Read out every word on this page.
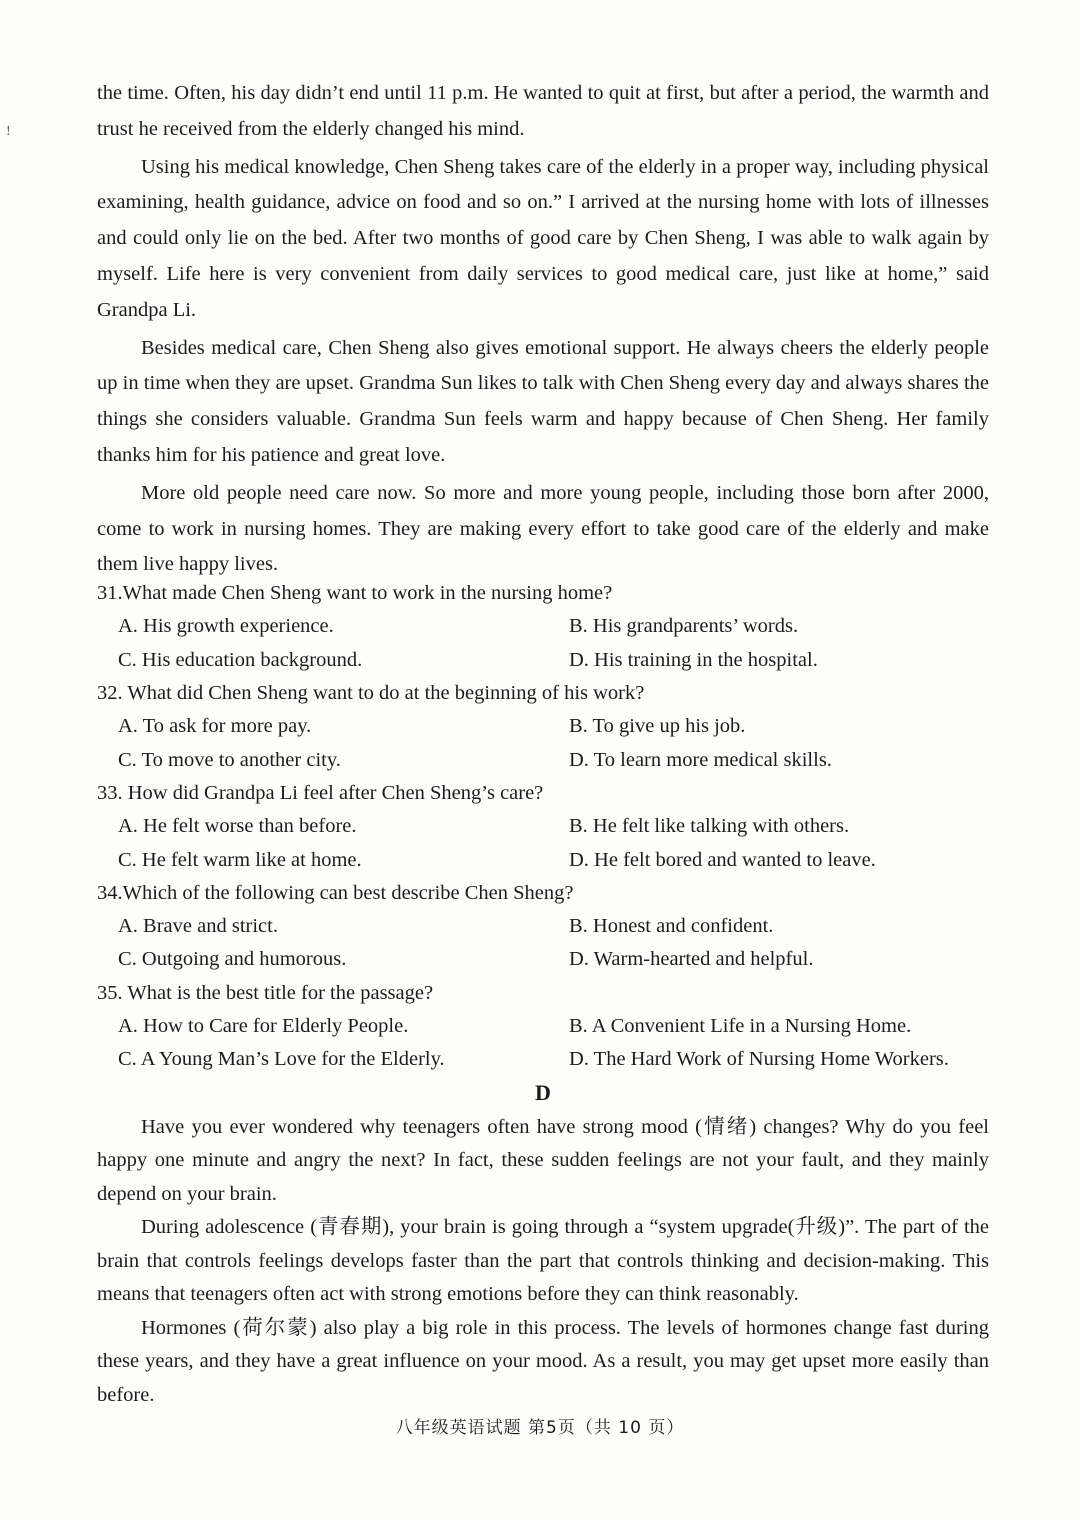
!

the time. Often, his day didn’t end until 11 p.m. He wanted to quit at first, but after a period, the warmth and trust he received from the elderly changed his mind.

Using his medical knowledge, Chen Sheng takes care of the elderly in a proper way, including physical examining, health guidance, advice on food and so on.” I arrived at the nursing home with lots of illnesses and could only lie on the bed. After two months of good care by Chen Sheng, I was able to walk again by myself. Life here is very convenient from daily services to good medical care, just like at home,” said Grandpa Li.

Besides medical care, Chen Sheng also gives emotional support. He always cheers the elderly people up in time when they are upset. Grandma Sun likes to talk with Chen Sheng every day and always shares the things she considers valuable. Grandma Sun feels warm and happy because of Chen Sheng. Her family thanks him for his patience and great love.

More old people need care now. So more and more young people, including those born after 2000, come to work in nursing homes. They are making every effort to take good care of the elderly and make them live happy lives.

31.What made Chen Sheng want to work in the nursing home?

A. His growth experience.	B. His grandparents’ words.
C. His education background.	D. His training in the hospital.

32. What did Chen Sheng want to do at the beginning of his work?

A. To ask for more pay.	B. To give up his job.
C. To move to another city.	D. To learn more medical skills.

33. How did Grandpa Li feel after Chen Sheng’s care?

A. He felt worse than before.	B. He felt like talking with others.
C. He felt warm like at home.	D. He felt bored and wanted to leave.

34.Which of the following can best describe Chen Sheng?

A. Brave and strict.	B. Honest and confident.
C. Outgoing and humorous.	D. Warm-hearted and helpful.

35. What is the best title for the passage?

A. How to Care for Elderly People.	B. A Convenient Life in a Nursing Home.
C. A Young Man’s Love for the Elderly.	D. The Hard Work of Nursing Home Workers.
D

Have you ever wondered why teenagers often have strong mood (情绪) changes? Why do you feel happy one minute and angry the next? In fact, these sudden feelings are not your fault, and they mainly depend on your brain.

During adolescence (青春期), your brain is going through a “system upgrade(升级)”. The part of the brain that controls feelings develops faster than the part that controls thinking and decision-making. This means that teenagers often act with strong emotions before they can think reasonably.

Hormones (荷尔蒙) also play a big role in this process. The levels of hormones change fast during these years, and they have a great influence on your mood. As a result, you may get upset more easily than before.

八年级英语试题 第5页（共 10 页）
